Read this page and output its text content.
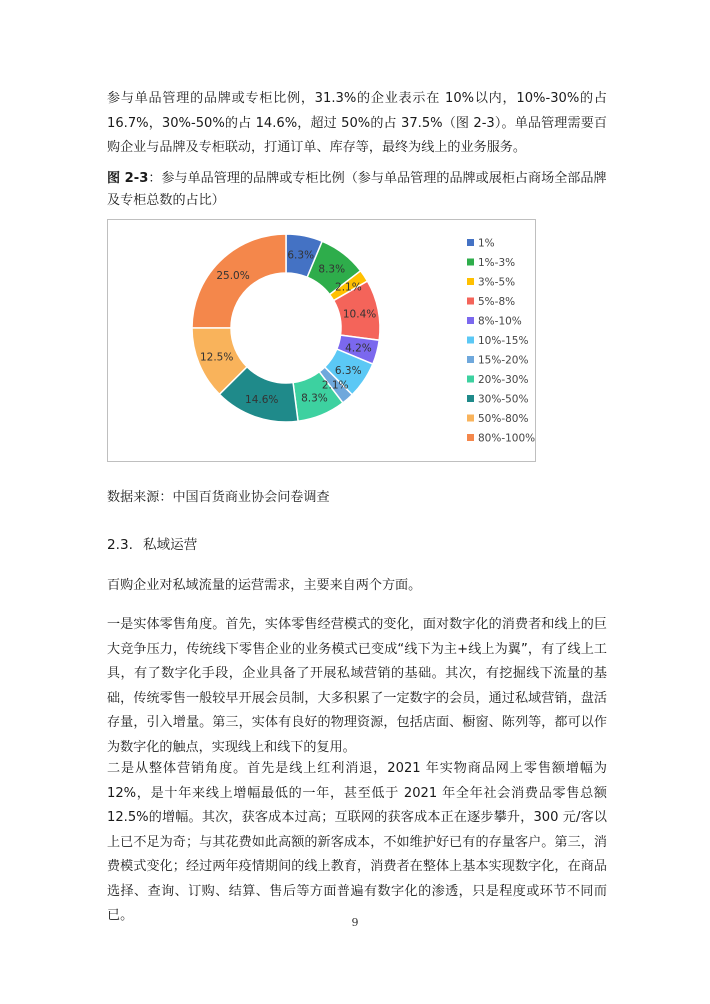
参与单品管理的品牌或专柜比例，31.3%的企业表示在 10%以内，10%-30%的占 16.7%，30%-50%的占 14.6%，超过 50%的占 37.5%（图 2-3）。单品管理需要百购企业与品牌及专柜联动，打通订单、库存等，最终为线上的业务服务。

图 2-3：参与单品管理的品牌或专柜比例（参与单品管理的品牌或展柜占商场全部品牌及专柜总数的占比）

6.3%
8.3%
2.1%
10.4%
4.2%
6.3%
2.1%
8.3%
14.6%
12.5%
25.0%
1%
1%-3%
3%-5%
5%-8%
8%-10%
10%-15%
15%-20%
20%-30%
30%-50%
50%-80%
80%-100%

数据来源：中国百货商业协会问卷调查

2.3. 私域运营

百购企业对私域流量的运营需求，主要来自两个方面。

一是实体零售角度。首先，实体零售经营模式的变化，面对数字化的消费者和线上的巨大竞争压力，传统线下零售企业的业务模式已变成“线下为主+线上为翼”，有了线上工具，有了数字化手段，企业具备了开展私域营销的基础。其次，有挖掘线下流量的基础，传统零售一般较早开展会员制，大多积累了一定数字的会员，通过私域营销，盘活存量，引入增量。第三，实体有良好的物理资源，包括店面、橱窗、陈列等，都可以作为数字化的触点，实现线上和线下的复用。

二是从整体营销角度。首先是线上红利消退，2021 年实物商品网上零售额增幅为 12%，是十年来线上增幅最低的一年，甚至低于 2021 年全年社会消费品零售总额 12.5%的增幅。其次，获客成本过高；互联网的获客成本正在逐步攀升，300 元/客以上已不足为奇；与其花费如此高额的新客成本，不如维护好已有的存量客户。第三，消费模式变化；经过两年疫情期间的线上教育，消费者在整体上基本实现数字化，在商品选择、查询、订购、结算、售后等方面普遍有数字化的渗透，只是程度或环节不同而已。	9
